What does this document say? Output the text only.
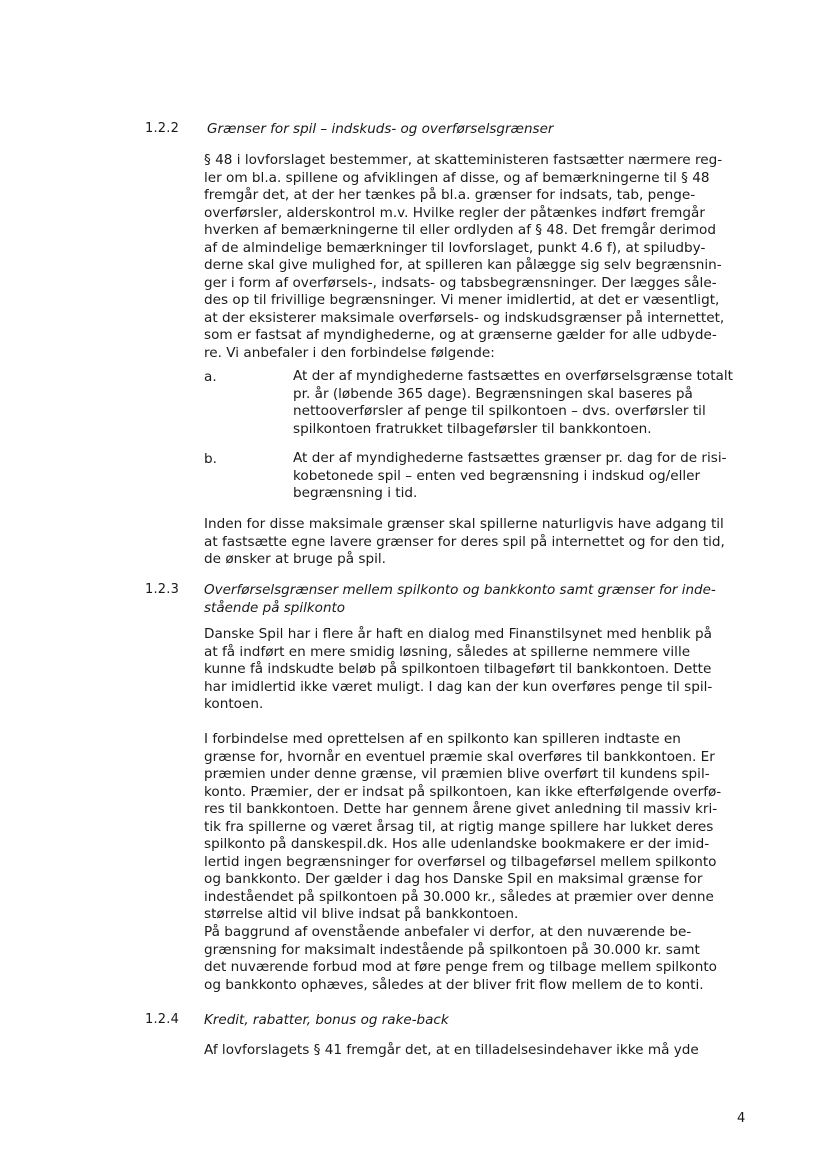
1.2.2 Grænser for spil – indskuds- og overførselsgrænser

§ 48 i lovforslaget bestemmer, at skatteministeren fastsætter nærmere reg-

ler om bl.a. spillene og afviklingen af disse, og af bemærkningerne til § 48

fremgår det, at der her tænkes på bl.a. grænser for indsats, tab, penge-

overførsler, alderskontrol m.v. Hvilke regler der påtænkes indført fremgår

hverken af bemærkningerne til eller ordlyden af § 48. Det fremgår derimod

af de almindelige bemærkninger til lovforslaget, punkt 4.6 f), at spiludby-

derne skal give mulighed for, at spilleren kan pålægge sig selv begrænsnin-

ger i form af overførsels-, indsats- og tabsbegrænsninger. Der lægges såle-

des op til frivillige begrænsninger. Vi mener imidlertid, at det er væsentligt,

at der eksisterer maksimale overførsels- og indskudsgrænser på internettet,

som er fastsat af myndighederne, og at grænserne gælder for alle udbyde-

re. Vi anbefaler i den forbindelse følgende:

a.	At der af myndighederne fastsættes en overførselsgrænse totalt

pr. år (løbende 365 dage). Begrænsningen skal baseres på

nettooverførsler af penge til spilkontoen – dvs. overførsler til

spilkontoen fratrukket tilbageførsler til bankkontoen.

b.	At der af myndighederne fastsættes grænser pr. dag for de risi-

kobetonede spil – enten ved begrænsning i indskud og/eller

begrænsning i tid.

Inden for disse maksimale grænser skal spillerne naturligvis have adgang til

at fastsætte egne lavere grænser for deres spil på internettet og for den tid,

de ønsker at bruge på spil.

1.2.3 Overførselsgrænser mellem spilkonto og bankkonto samt grænser for inde-
stående på spilkonto

Danske Spil har i flere år haft en dialog med Finanstilsynet med henblik på

at få indført en mere smidig løsning, således at spillerne nemmere ville

kunne få indskudte beløb på spilkontoen tilbageført til bankkontoen. Dette

har imidlertid ikke været muligt. I dag kan der kun overføres penge til spil-

kontoen.

I forbindelse med oprettelsen af en spilkonto kan spilleren indtaste en

grænse for, hvornår en eventuel præmie skal overføres til bankkontoen. Er

præmien under denne grænse, vil præmien blive overført til kundens spil-

konto. Præmier, der er indsat på spilkontoen, kan ikke efterfølgende overfø-

res til bankkontoen. Dette har gennem årene givet anledning til massiv kri-

tik fra spillerne og været årsag til, at rigtig mange spillere har lukket deres

spilkonto på danskespil.dk. Hos alle udenlandske bookmakere er der imid-

lertid ingen begrænsninger for overførsel og tilbageførsel mellem spilkonto

og bankkonto. Der gælder i dag hos Danske Spil en maksimal grænse for

indeståendet på spilkontoen på 30.000 kr., således at præmier over denne

størrelse altid vil blive indsat på bankkontoen.

På baggrund af ovenstående anbefaler vi derfor, at den nuværende be-

grænsning for maksimalt indestående på spilkontoen på 30.000 kr. samt

det nuværende forbud mod at føre penge frem og tilbage mellem spilkonto

og bankkonto ophæves, således at der bliver frit flow mellem de to konti.

1.2.4 Kredit, rabatter, bonus og rake-back

Af lovforslagets § 41 fremgår det, at en tilladelsesindehaver ikke må yde

4
